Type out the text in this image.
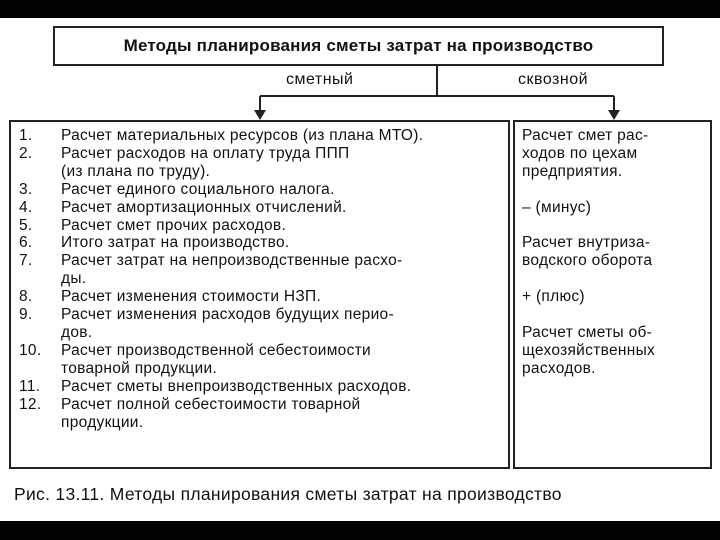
Методы планирования сметы затрат на производство
сметный	сквозной
1.	Расчет материальных ресурсов (из плана МТО).
2.	Расчет расходов на оплату труда ППП
(из плана по труду).
3.	Расчет единого социального налога.
4.	Расчет амортизационных отчислений.
5.	Расчет смет прочих расходов.
6.	Итого затрат на производство.
7.	Расчет затрат на непроизводственные расхо-
ды.
8.	Расчет изменения стоимости НЗП.
9.	Расчет изменения расходов будущих перио-
дов.
10.	Расчет производственной себестоимости
товарной продукции.
11.	Расчет сметы внепроизводственных расходов.
12.	Расчет полной себестоимости товарной
продукции.
Расчет смет рас-
ходов по цехам
предприятия.
– (минус)
Расчет внутриза-
водского оборота
+ (плюс)
Расчет сметы об-
щехозяйственных
расходов.
Рис. 13.11. Методы планирования сметы затрат на производство
